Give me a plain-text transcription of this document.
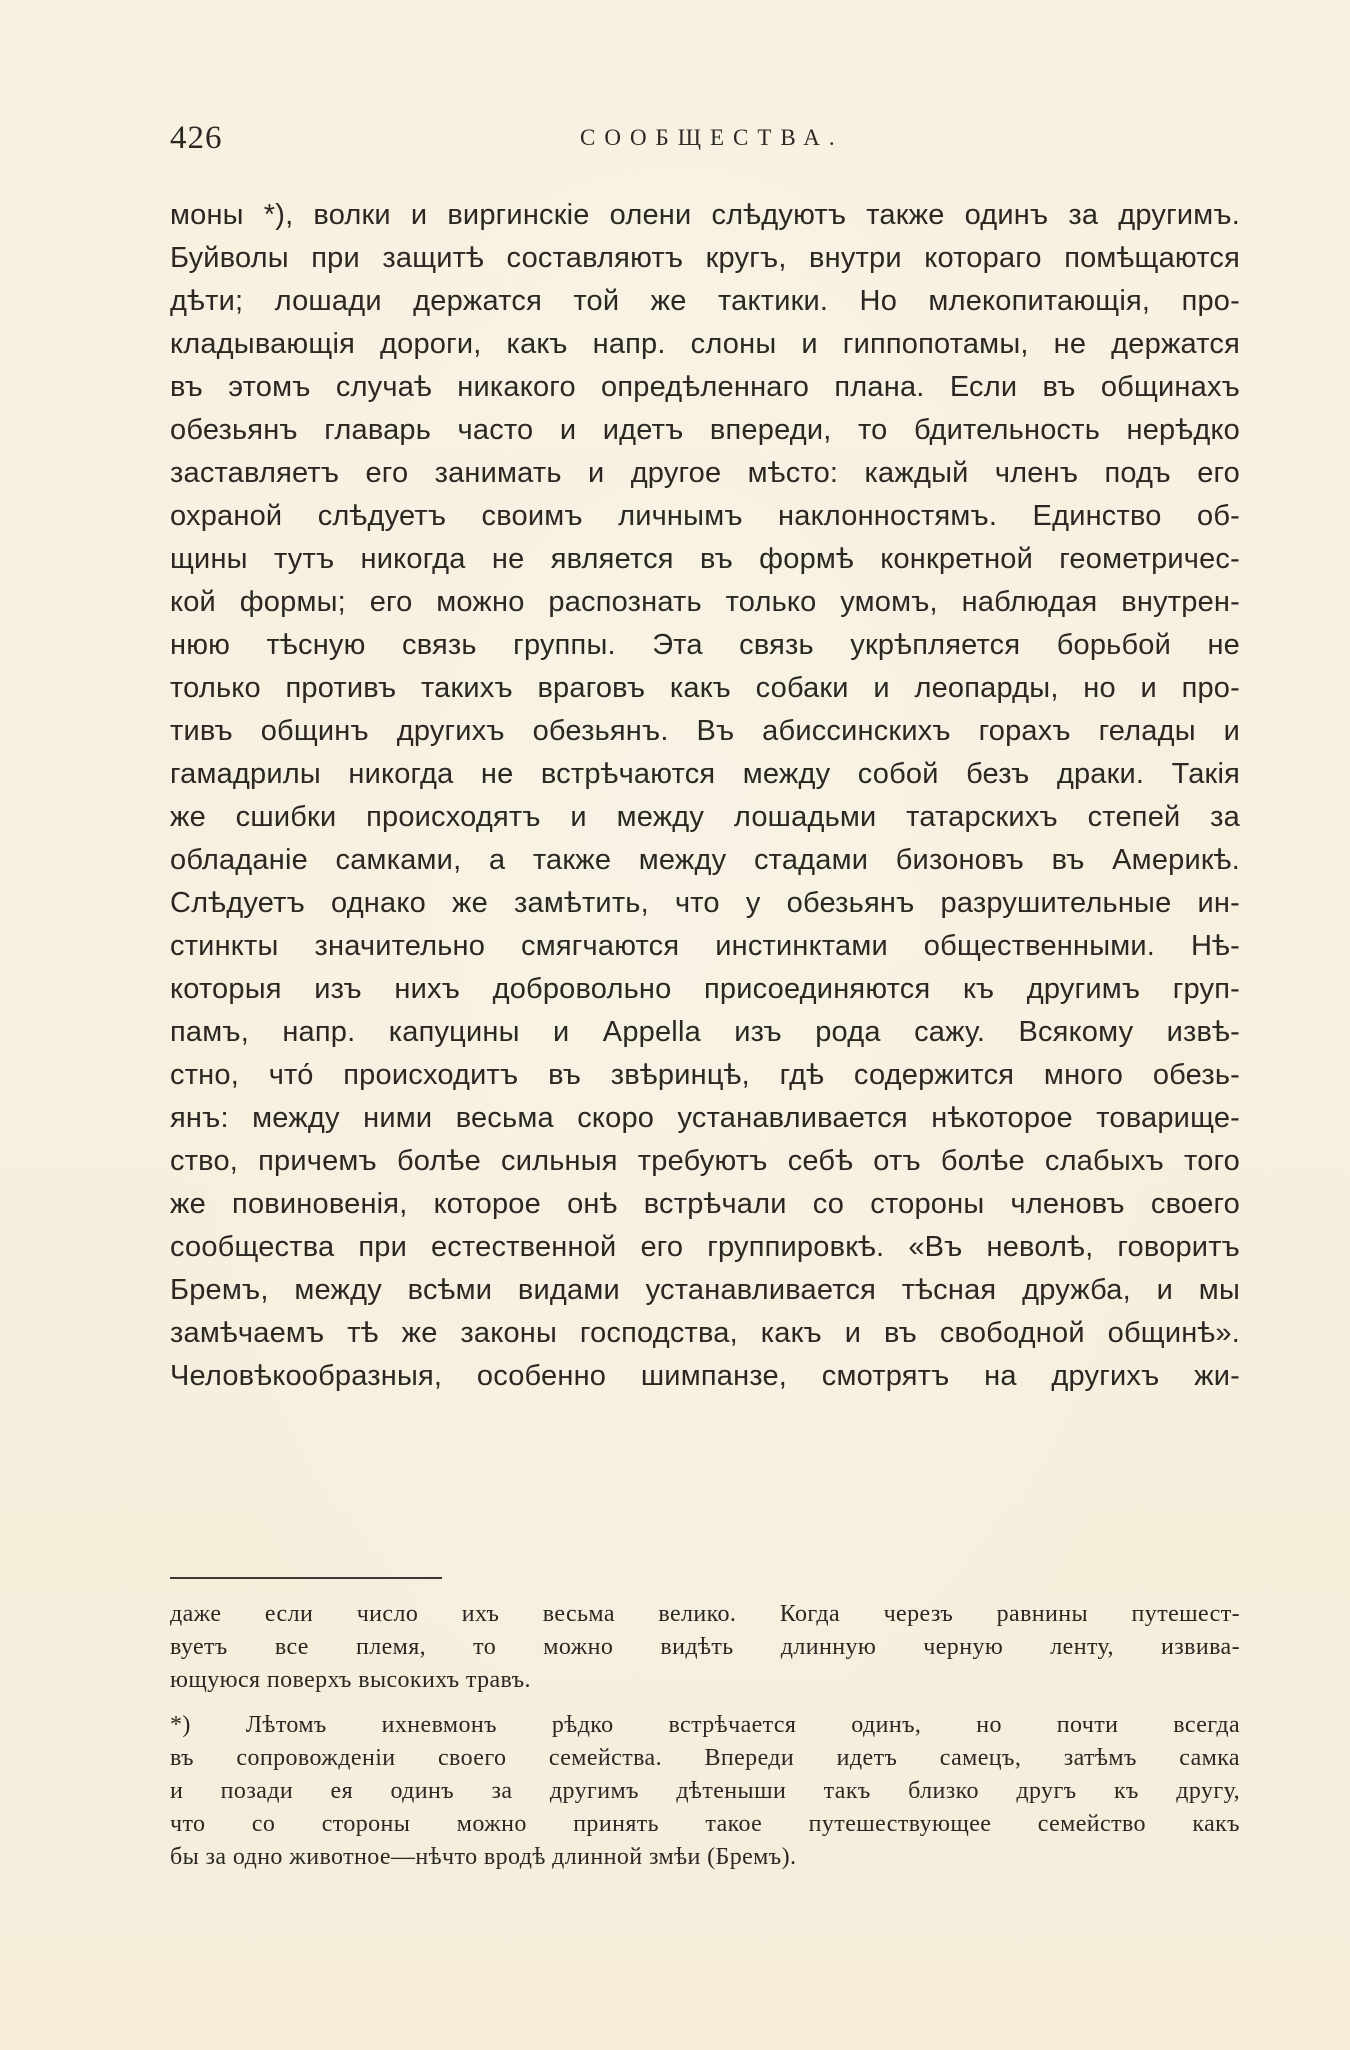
426	СООБЩЕСТВА.
моны *), волки и виргинскіе олени слѣдуютъ также одинъ за другимъ.
Буйволы при защитѣ составляютъ кругъ, внутри котораго помѣщаются
дѣти; лошади держатся той же тактики. Но млекопитающія, про-
кладывающія дороги, какъ напр. слоны и гиппопотамы, не держатся
въ этомъ случаѣ никакого опредѣленнаго плана. Если въ общинахъ
обезьянъ главарь часто и идетъ впереди, то бдительность нерѣдко
заставляетъ его занимать и другое мѣсто: каждый членъ подъ его
охраной слѣдуетъ своимъ личнымъ наклонностямъ. Единство об-
щины тутъ никогда не является въ формѣ конкретной геометричес-
кой формы; его можно распознать только умомъ, наблюдая внутрен-
нюю тѣсную связь группы. Эта связь укрѣпляется борьбой не
только противъ такихъ враговъ какъ собаки и леопарды, но и про-
тивъ общинъ другихъ обезьянъ. Въ абиссинскихъ горахъ гелады и
гамадрилы никогда не встрѣчаются между собой безъ драки. Такія
же сшибки происходятъ и между лошадьми татарскихъ степей за
обладаніе самками, а также между стадами бизоновъ въ Америкѣ.
Слѣдуетъ однако же замѣтить, что у обезьянъ разрушительные ин-
стинкты значительно смягчаются инстинктами общественными. Нѣ-
которыя изъ нихъ добровольно присоединяются къ другимъ груп-
памъ, напр. капуцины и Appella изъ рода сажу. Всякому извѣ-
стно, что́ происходитъ въ звѣринцѣ, гдѣ содержится много обезь-
янъ: между ними весьма скоро устанавливается нѣкоторое товарище-
ство, причемъ болѣе сильныя требуютъ себѣ отъ болѣе слабыхъ того
же повиновенія, которое онѣ встрѣчали со стороны членовъ своего
сообщества при естественной его группировкѣ. «Въ неволѣ, говоритъ
Бремъ, между всѣми видами устанавливается тѣсная дружба, и мы
замѣчаемъ тѣ же законы господства, какъ и въ свободной общинѣ».
Человѣкообразныя, особенно шимпанзе, смотрятъ на другихъ жи-
даже если число ихъ весьма велико. Когда черезъ равнины путешест-
вуетъ все племя, то можно видѣть длинную черную ленту, извива-
ющуюся поверхъ высокихъ травъ.
*) Лѣтомъ ихневмонъ рѣдко встрѣчается одинъ, но почти всегда
въ сопровожденіи своего семейства. Впереди идетъ самецъ, затѣмъ самка
и позади ея одинъ за другимъ дѣтеныши такъ близко другъ къ другу,
что со стороны можно принять такое путешествующее семейство какъ
бы за одно животное—нѣчто вродѣ длинной змѣи (Бремъ).
